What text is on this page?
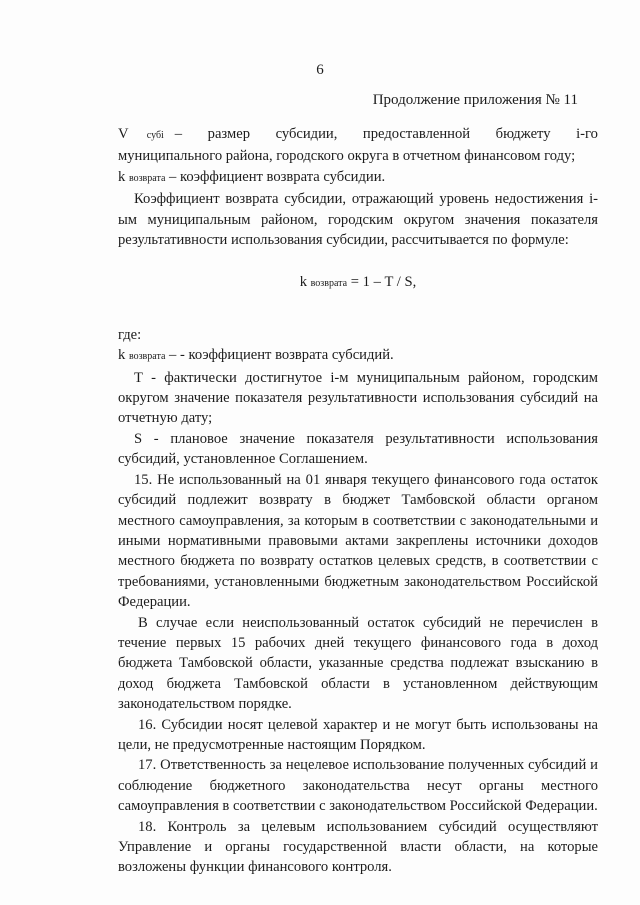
6
Продолжение приложения № 11

V субi – размер субсидии, предоставленной бюджету i-го

муниципального района, городского округа в отчетном финансовом году;

k возврата – коэффициент возврата субсидии.

Коэффициент возврата субсидии, отражающий уровень недостижения i-ым муниципальным районом, городским округом значения показателя результативности использования субсидии, рассчитывается по формуле:

k возврата = 1 – T / S,

где:

k возврата – - коэффициент возврата субсидий.

Т - фактически достигнутое i-м муниципальным районом, городским округом значение показателя результативности использования субсидий на отчетную дату;

S - плановое значение показателя результативности использования субсидий, установленное Соглашением.

15. Не использованный на 01 января текущего финансового года остаток субсидий подлежит возврату в бюджет Тамбовской области органом местного самоуправления, за которым в соответствии с законодательными и иными нормативными правовыми актами закреплены источники доходов местного бюджета по возврату остатков целевых средств, в соответствии с требованиями, установленными бюджетным законодательством Российской Федерации.

В случае если неиспользованный остаток субсидий не перечислен в течение первых 15 рабочих дней текущего финансового года в доход бюджета Тамбовской области, указанные средства подлежат взысканию в доход бюджета Тамбовской области в установленном действующим законодательством порядке.

16. Субсидии носят целевой характер и не могут быть использованы на цели, не предусмотренные настоящим Порядком.

17. Ответственность за нецелевое использование полученных субсидий и соблюдение бюджетного законодательства несут органы местного самоуправления в соответствии с законодательством Российской Федерации.

18. Контроль за целевым использованием субсидий осуществляют Управление и органы государственной власти области, на которые возложены функции финансового контроля.
